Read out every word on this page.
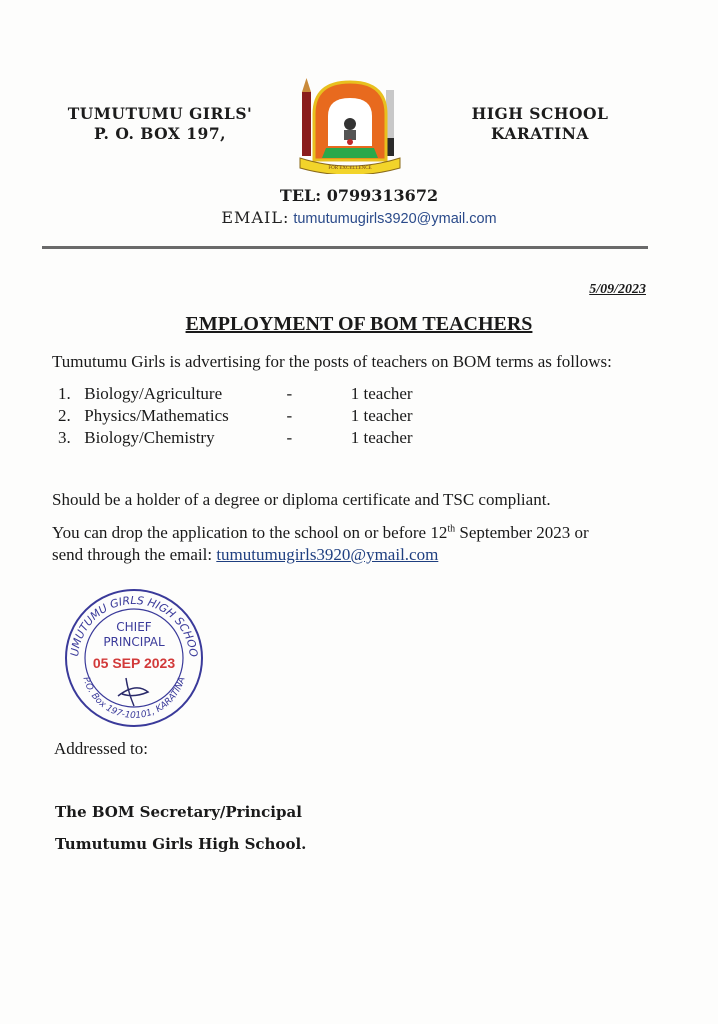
TUMUTUMU GIRLS'
P. O. BOX 197,
FOR EXCELLENCE
HIGH SCHOOL
KARATINA
TEL: 0799313672
EMAIL: tumutumugirls3920@ymail.com
5/09/2023
EMPLOYMENT OF BOM TEACHERS
Tumutumu Girls is advertising for the posts of teachers on BOM terms as follows:
1. Biology/Agriculture	-	1 teacher
2. Physics/Mathematics	-	1 teacher
3. Biology/Chemistry	-	1 teacher
Should be a holder of a degree or diploma certificate and TSC compliant.
You can drop the application to the school on or before 12th September 2023 or
send through the email: tumutumugirls3920@ymail.com
UMUTUMU GIRLS HIGH SCHOO
P.O. Box 197-10101, KARATINA
CHIEF
PRINCIPAL
05 SEP 2023
Addressed to:
The BOM Secretary/Principal
Tumutumu Girls High School.
